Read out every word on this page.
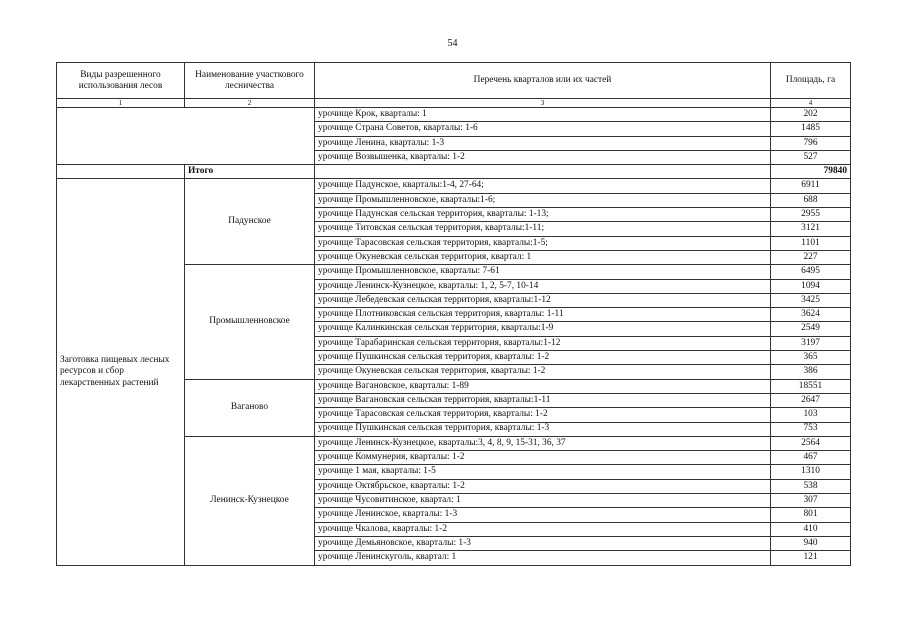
54
Виды разрешенного использования лесов	Наименование участкового лесничества	Перечень кварталов или их частей	Площадь, га
1	2	3	4
		урочище Крок, кварталы: 1	202
		урочище Страна Советов, кварталы: 1-6	1485
		урочище Ленина, кварталы: 1-3	796
		урочище Возвышенка, кварталы: 1-2	527
	Итого		79840
Заготовка пищевых лесных ресурсов и сбор лекарственных растений	Падунское	урочище Падунское, кварталы:1-4, 27-64;	6911
		урочище Промышленновское, кварталы:1-6;	688
		урочище Падунская сельская территория, кварталы: 1-13;	2955
		урочище Титовская сельская территория, кварталы:1-11;	3121
		урочище Тарасовская сельская территория, кварталы:1-5;	1101
		урочище Окуневская сельская территория, квартал: 1	227
	Промышленновское	урочище Промышленновское, кварталы: 7-61	6495
		урочище Ленинск-Кузнецкое, кварталы: 1, 2, 5-7, 10-14	1094
		урочище Лебедевская сельская территория, кварталы:1-12	3425
		урочище Плотниковская сельская территория, кварталы: 1-11	3624
		урочище Калинкинская сельская территория, кварталы:1-9	2549
		урочище Тарабаринская сельская территория, кварталы:1-12	3197
		урочище Пушкинская сельская территория, кварталы: 1-2	365
		урочище Окуневская сельская территория, кварталы: 1-2	386
	Ваганово	урочище Вагановское, кварталы: 1-89	18551
		урочище Вагановская сельская территория, кварталы:1-11	2647
		урочище Тарасовская сельская территория, кварталы: 1-2	103
		урочище Пушкинская сельская территория, кварталы: 1-3	753
	Ленинск-Кузнецкое	урочище Ленинск-Кузнецкое, кварталы:3, 4, 8, 9, 15-31, 36, 37	2564
		урочище Коммунерия, кварталы: 1-2	467
		урочище 1 мая, кварталы: 1-5	1310
		урочище Октябрьское, кварталы: 1-2	538
		урочище Чусовитинское, квартал: 1	307
		урочище Ленинское, кварталы: 1-3	801
		урочище Чкалова, кварталы: 1-2	410
		урочище Демьяновское, кварталы: 1-3	940
		урочище Ленинскуголь, квартал: 1	121
